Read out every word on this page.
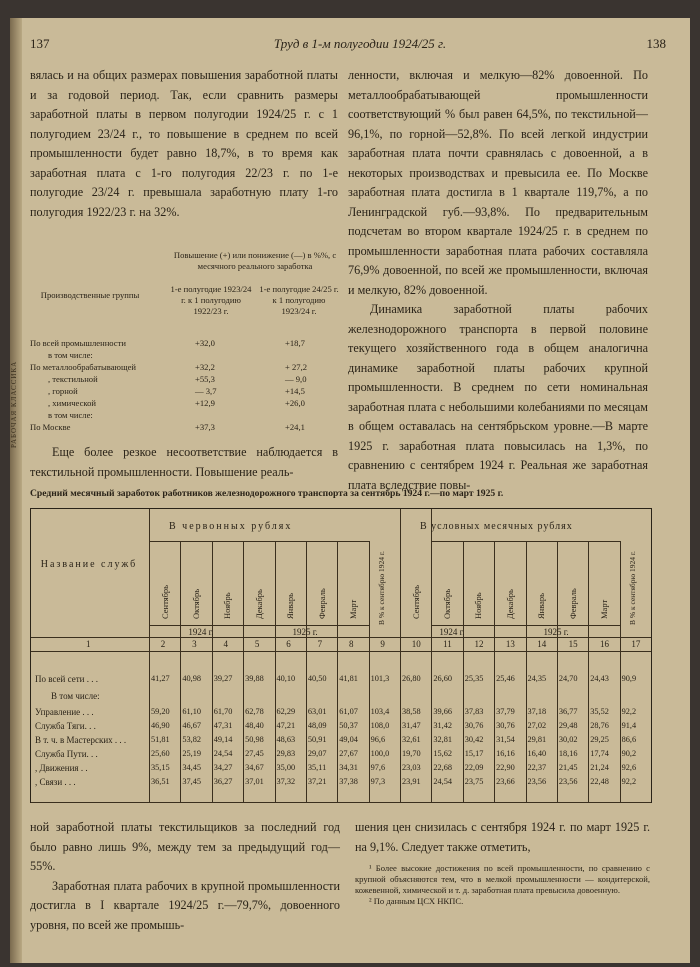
РАБОЧАЯ КЛАССИКА
137	Труд в 1-м полугодии 1924/25 г.	138

вялась и на общих размерах повышения заработной платы и за годовой период. Так, если сравнить размеры заработной платы в первом полугодии 1924/25 г. с 1 полугодием 23/24 г., то повышение в среднем по всей промышленности будет равно 18,7%, в то время как заработная плата с 1-го полугодия 22/23 г. по 1-е полугодие 23/24 г. превышала заработную плату 1-го полугодия 1922/23 г. на 32%.

Повышение (+) или понижение (—) в %%, с месячного реального заработка
Производственные группы
1-е полугодие 1923/24 г. к 1 полугодию 1922/23 г.
1-е полугодие 24/25 г. к 1 полугодию 1923/24 г.
По всей промышленности	+32,0	+18,7
в том числе:
По металлообрабатывающей	+32,2	+ 27,2
, текстильной	+55,3	— 9,0
, горной	— 3,7	+14,5
, химической	+12,9	+26,0
в том числе:
По Москве	+37,3	+24,1

Еще более резкое несоответствие наблюдается в текстильной промышленности. Повышение реаль-

ленности, включая и мелкую—82% довоенной. По металлообрабатывающей промышленности соответствующий % был равен 64,5%, по текстильной—96,1%, по горной—52,8%. По всей легкой индустрии заработная плата почти сравнялась с довоенной, а в некоторых производствах и превысила ее. По Москве заработная плата достигла в 1 квартале 119,7%, а по Ленинградской губ.—93,8%. По предварительным подсчетам во втором квартале 1924/25 г. в среднем по промышленности заработная плата рабочих составляла 76,9% довоенной, по всей же промышленности, включая и мелкую, 82% довоенной.

Динамика заработной платы рабочих железнодорожного транспорта в первой половине текущего хозяйственного года в общем аналогична динамике заработной платы рабочих крупной промышленности. В среднем по сети номинальная заработная плата с небольшими колебаниями по месяцам в общем оставалась на сентябрьском уровне.—В марте 1925 г. заработная плата повысилась на 1,3%, по сравнению с сентябрем 1924 г. Реальная же заработная плата вследствие повы-

Средний месячный заработок работников железнодорожного транспорта за сентябрь 1924 г.—по март 1925 г.
В червонных рублях	В условных месячных рублях
Название служб
Сентябрь	Сентябрь
Октябрь	Октябрь
Ноябрь	Ноябрь
Декабрь	Декабрь
Январь	Январь
Февраль	Февраль
Март	Март
В % к сентябрю 1924 г.	В % к сентябрю 1924 г.
1924 г.	1925 г.	1924 г.	1925 г.
1	2	3	4	5	6	7	8	9	10 11	12 13 14 15 16 17
По всей сети . . .	41,27 40,98 39,27 39,88 40,10 40,50 41,81 101,3 26,80 26,60 25,35 25,46 24,35 24,70 24,43 90,9
В том числе:
Управление . . .	59,20 61,10 61,70 62,78 62,29 63,01 61,07 103,4 38,58 39,66 37,83 37,79 37,18 36,77 35,52 92,2
Служба Тяги. . .	46,90 46,67 47,31 48,40 47,21 48,09 50,37 108,0 31,47 31,42 30,76 30,76 27,02 29,48 28,76 91,4
В т. ч. в Мастерских . . .	51,81 53,82 49,14 50,98 48,63 50,91 49,04 96,6 32,61 32,81 30,42 31,54 29,81 30,02 29,25 86,6
Служба Пути. . .	25,60 25,19 24,54 27,45 29,83 29,07 27,67 100,0 19,70 15,62 15,17 16,16 16,40 18,16 17,74 90,2
, Движения . .	35,15 34,45 34,27 34,67 35,00 35,11 34,31 97,6 23,03 22,68 22,09 22,90 22,37 21,45 21,24 92,6
, Связи . . .	36,51 37,45 36,27 37,01 37,32 37,21 37,38 97,3 23,91 24,54 23,75 23,66 23,56 23,56 22,48 92,2

ной заработной платы текстильщиков за последний год было равно лишь 9%, между тем за предыдущий год—55%.

Заработная плата рабочих в крупной промышленности достигла в I квартале 1924/25 г.—79,7%, довоенного уровня, по всей же промышь-

шения цен снизилась с сентября 1924 г. по март 1925 г. на 9,1%. Следует также отметить,

¹ Более высокие достижения по всей промышленности, по сравнению с крупной объясняются тем, что в мелкой промышленности — кондитерской, кожевенной, химической и т. д. заработная плата превысила довоенную.

² По данным ЦСХ НКПС.
